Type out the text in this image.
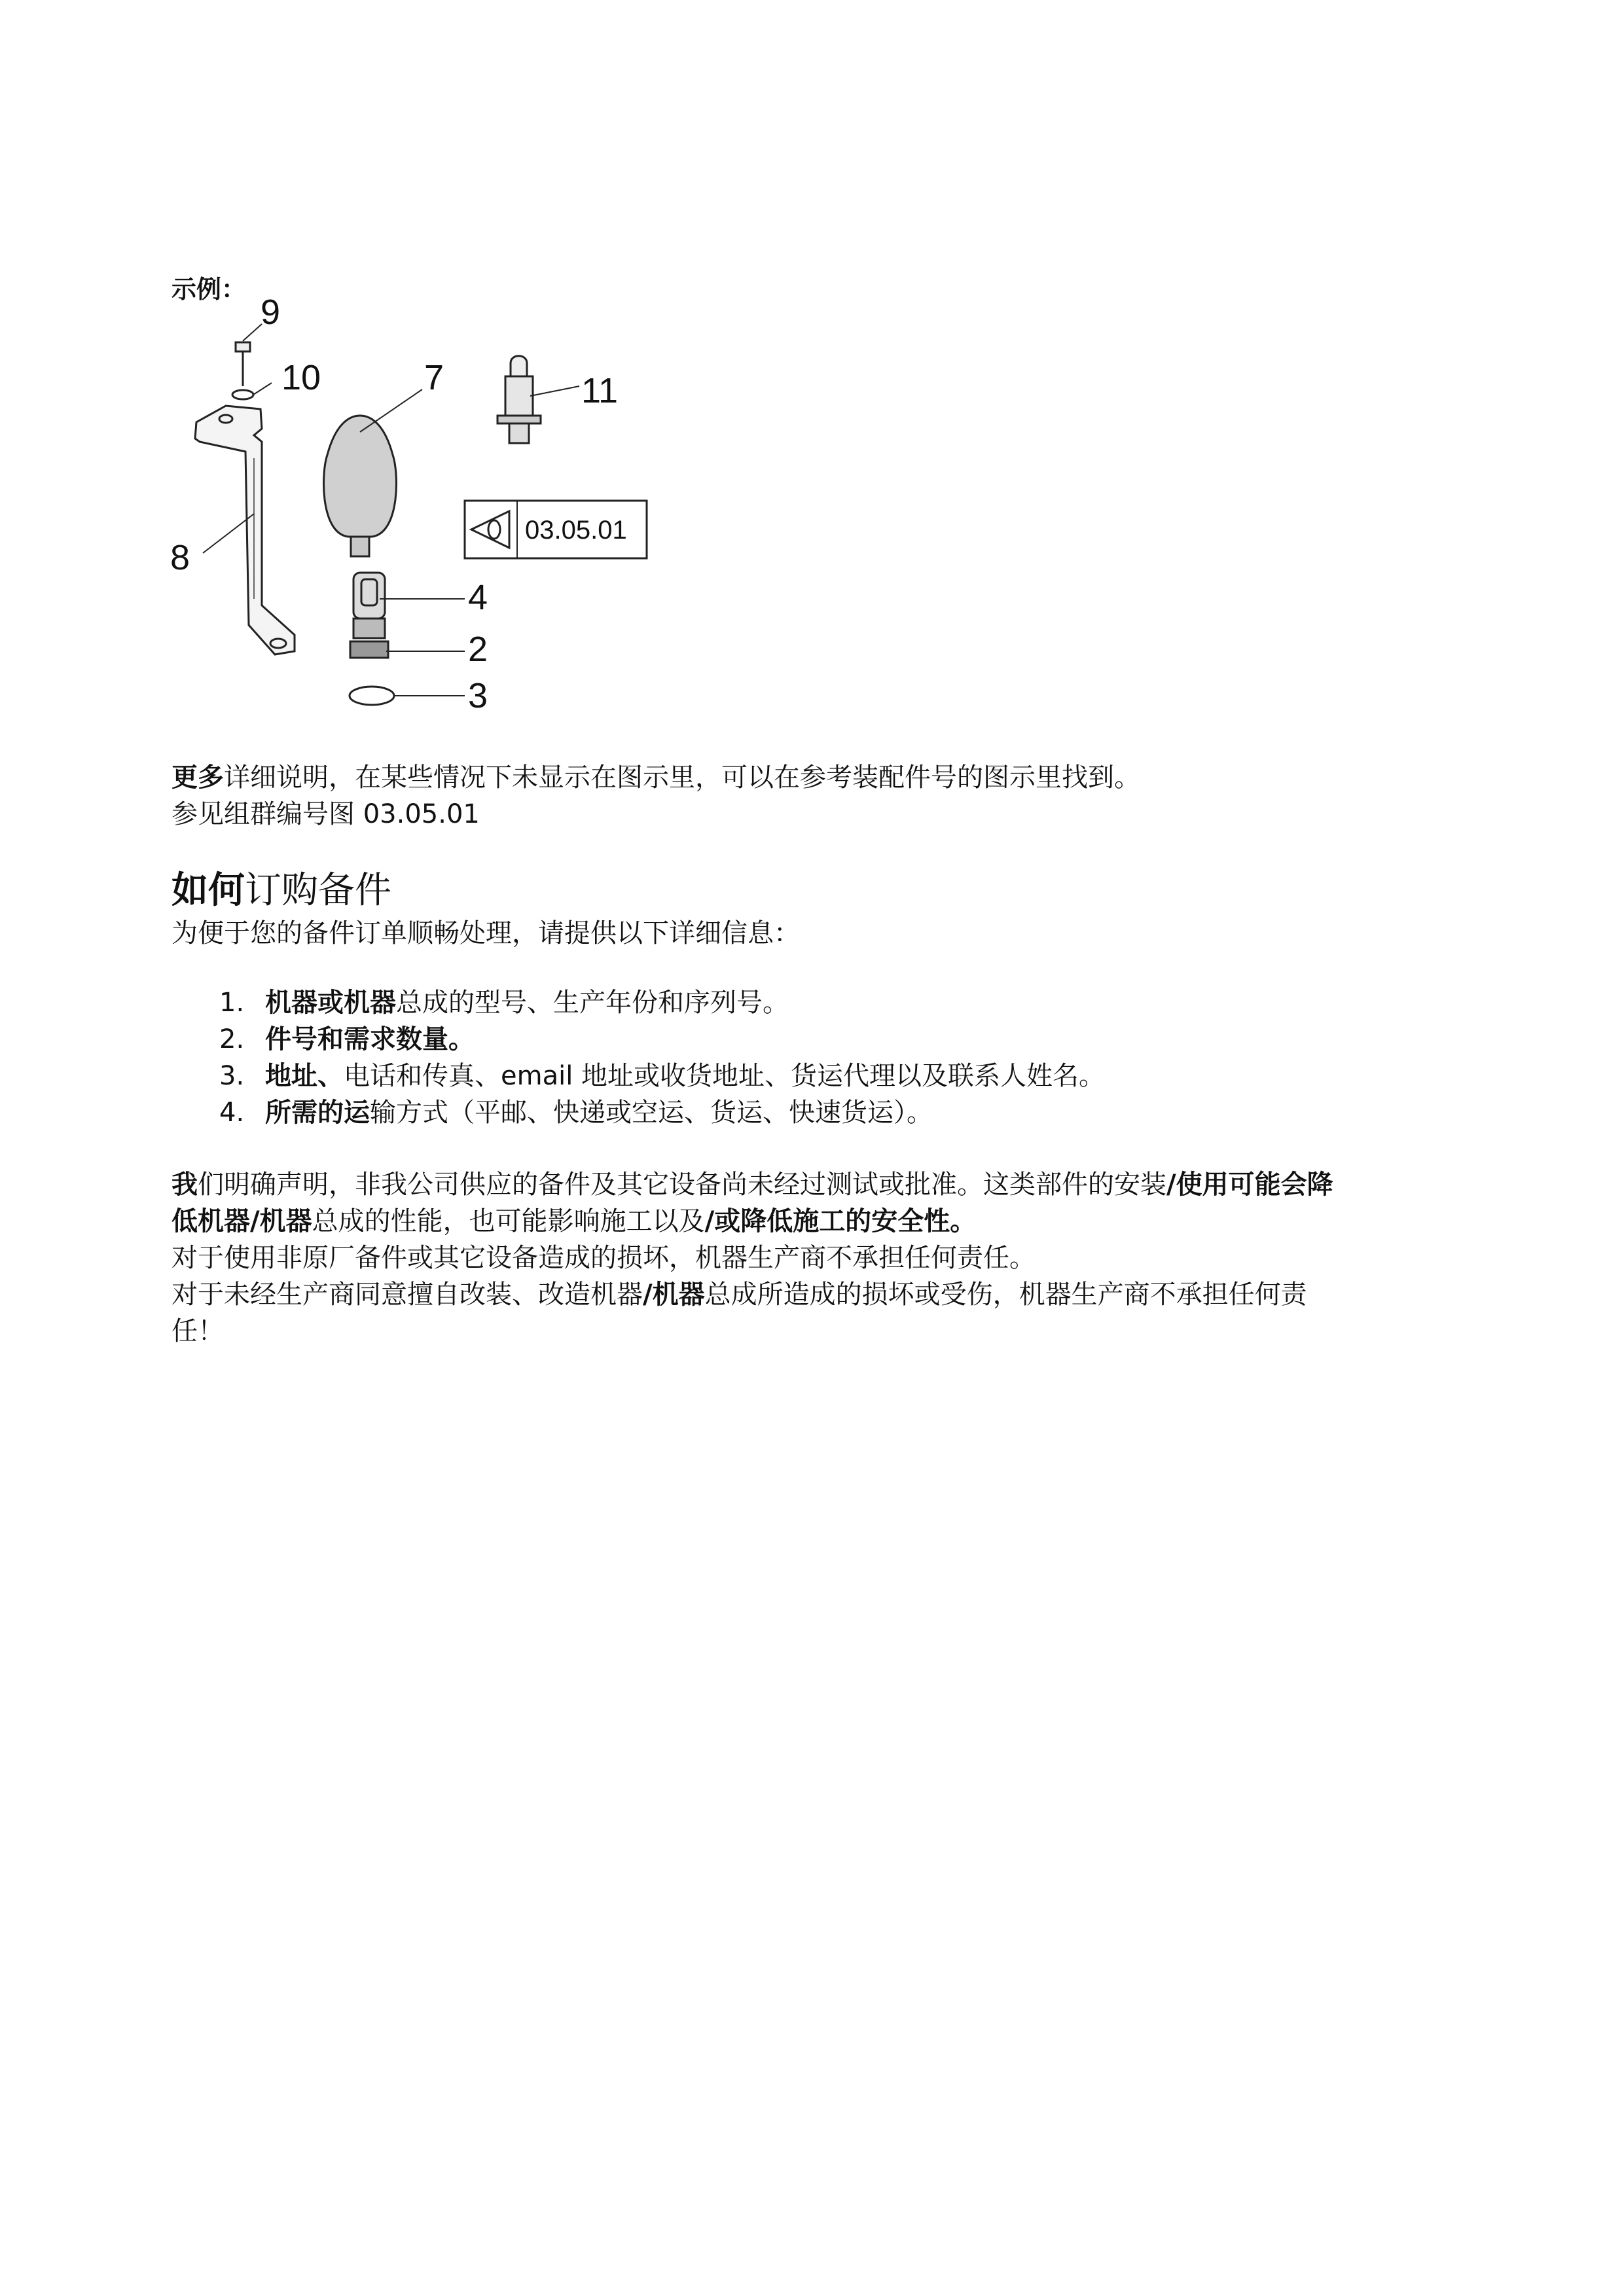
示例：
9
10	7	11
8
4
2
3
03.05.01
更多详细说明，在某些情况下未显示在图示里，可以在参考装配件号的图示里找到。
参见组群编号图 03.05.01
如何订购备件
为便于您的备件订单顺畅处理，请提供以下详细信息：
1. 机器或机器总成的型号、生产年份和序列号。
2. 件号和需求数量。
3. 地址、电话和传真、email 地址或收货地址、货运代理以及联系人姓名。
4. 所需的运输方式（平邮、快递或空运、货运、快速货运）。
我们明确声明，非我公司供应的备件及其它设备尚未经过测试或批准。这类部件的安装/使用可能会降
低机器/机器总成的性能，也可能影响施工以及/或降低施工的安全性。
对于使用非原厂备件或其它设备造成的损坏，机器生产商不承担任何责任。
对于未经生产商同意擅自改装、改造机器/机器总成所造成的损坏或受伤，机器生产商不承担任何责
任！
